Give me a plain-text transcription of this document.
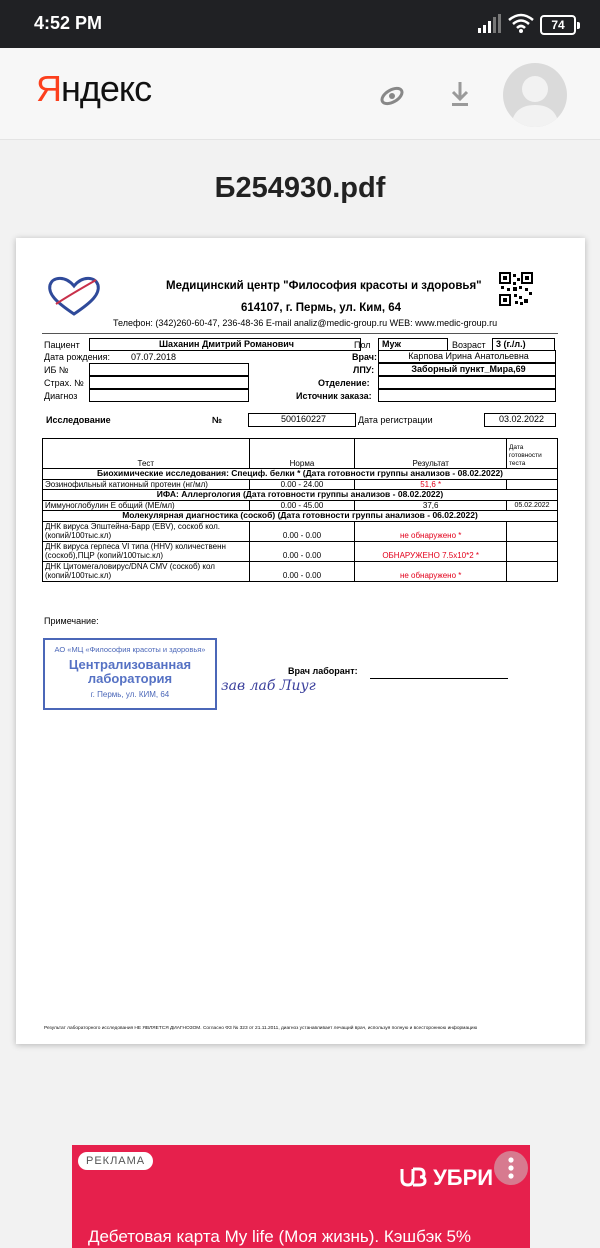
4:52 PM	74
Яндекс
Б254930.pdf
Медицинский центр "Философия красоты и здоровья"
614107, г. Пермь, ул. Ким, 64
Телефон: (342)260-60-47, 236-48-36 E-mail analiz@medic-group.ru WEB: www.medic-group.ru
Пациент	Шаханин Дмитрий Романович
Дата рождения: 07.07.2018
ИБ №
Страх. №
Диагноз
Пол	Муж	Возраст	3 (г./л.)
Врач:	Карпова Ирина Анатольевна
ЛПУ:	Заборный пункт_Мира,69
Отделение:
Источник заказа:
Исследование	№	500160227	Дата регистрации	03.02.2022
Тест	Норма	Результат	Дата готовности теста
Биохимические исследования: Специф. белки * (Дата готовности группы анализов - 08.02.2022)			
Эозинофильный катионный протеин (нг/мл)	0.00 - 24.00	51,6 *	
ИФА: Аллергология (Дата готовности группы анализов - 08.02.2022)			
Иммуноглобулин Е общий (МЕ/мл)	0.00 - 45.00	37,6	05.02.2022
Молекулярная диагностика (соскоб) (Дата готовности группы анализов - 06.02.2022)			
ДНК вируса Эпштейна-Барр (EBV), соскоб кол. (копий/100тыс.кл)	0.00 - 0.00	не обнаружено *	
ДНК вируса герпеса VI типа (HHV) количественн (соскоб),ПЦР (копий/100тыс.кл)	0.00 - 0.00	ОБНАРУЖЕНО 7.5x10*2 *	
ДНК Цитомегаловирус/DNA CMV (соскоб) кол (копий/100тыс.кл)	0.00 - 0.00	не обнаружено *	
Примечание:
АО «МЦ «Философия красоты и здоровья»
Централизованная лаборатория
г. Пермь, ул. КИМ, 64
зав лаб Лиуг
Врач лаборант:
Результат лабораторного исследования НЕ ЯВЛЯЕТСЯ ДИАГНОЗОМ. Согласно ФЗ № 323 от 21.11.2011, диагноз устанавливает лечащий врач, используя полную и всестороннюю информацию
РЕКЛАМА
УБРИ
Дебетовая карта My life (Моя жизнь). Кэшбэк 5%
